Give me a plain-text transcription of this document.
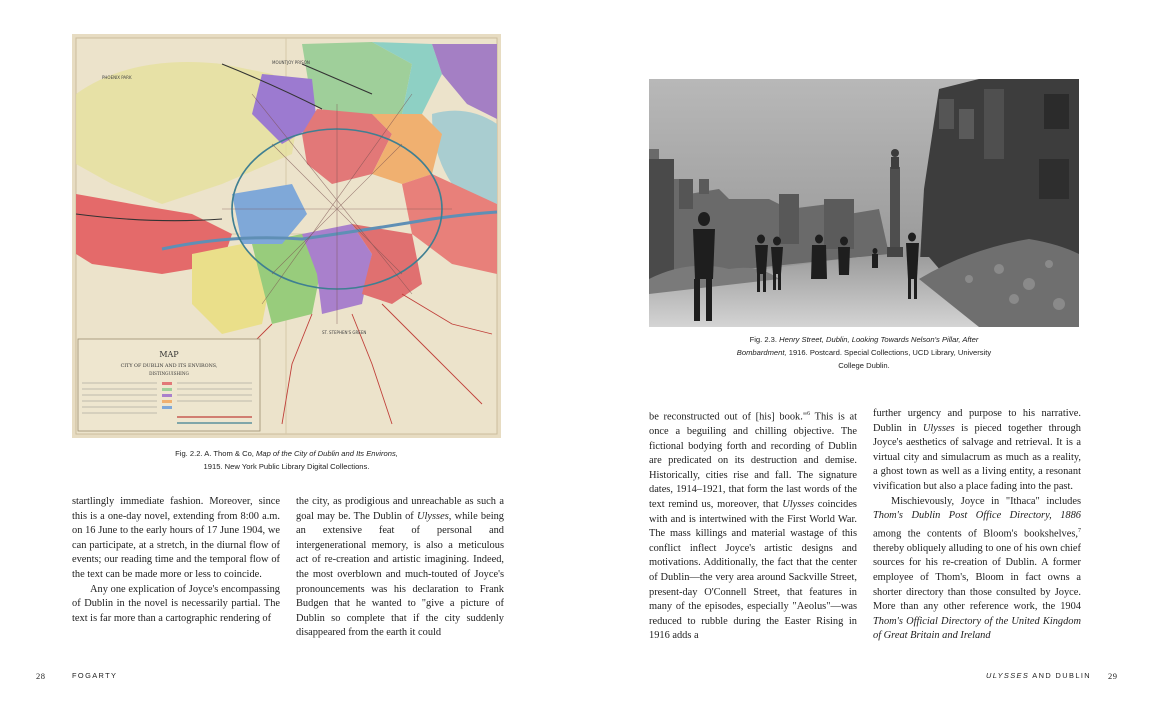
MAP
CITY OF DUBLIN AND ITS ENVIRONS,
DISTINGUISHING
PHOENIX PARK
ST. STEPHEN'S GREEN
MOUNTJOY PRISON
Fig. 2.2. A. Thom & Co, Map of the City of Dublin and Its Environs,
1915. New York Public Library Digital Collections.

startlingly immediate fashion. Moreover, since this is a one-day novel, extending from 8:00 a.m. on 16 June to the early hours of 17 June 1904, we can participate, at a stretch, in the diurnal flow of events; our reading time and the temporal flow of the text can be made more or less to coincide.

Any one explication of Joyce's encompassing of Dublin in the novel is necessarily partial. The text is far more than a cartographic rendering of

the city, as prodigious and unreachable as such a goal may be. The Dublin of Ulysses, while being an extensive feat of personal and intergenerational memory, is also a meticulous act of re-creation and artistic imagining. Indeed, the most overblown and much-touted of Joyce's pronouncements was his declaration to Frank Budgen that he wanted to "give a picture of Dublin so complete that if the city suddenly disappeared from the earth it could

28	FOGARTY
Fig. 2.3. Henry Street, Dublin, Looking Towards Nelson's Pillar, After Bombardment, 1916. Postcard. Special Collections, UCD Library, University College Dublin.

be reconstructed out of [his] book."$^6$ This is at once a beguiling and chilling objective. The fictional bodying forth and recording of Dublin are predicated on its destruction and demise. Historically, cities rise and fall. The signature dates, 1914–1921, that form the last words of the text remind us, moreover, that Ulysses coincides with and is intertwined with the First World War. The mass killings and material wastage of this conflict inflect Joyce's artistic designs and motivations. Additionally, the fact that the center of Dublin—the very area around Sackville Street, present-day O'Connell Street, that features in many of the episodes, especially "Aeolus"—was reduced to rubble during the Easter Rising in 1916 adds a

further urgency and purpose to his narrative. Dublin in Ulysses is pieced together through Joyce's aesthetics of salvage and retrieval. It is a virtual city and simulacrum as much as a reality, a ghost town as well as a living entity, a resonant vivification but also a place fading into the past.

Mischievously, Joyce in "Ithaca" includes Thom's Dublin Post Office Directory, 1886 among the contents of Bloom's bookshelves,$^7$ thereby obliquely alluding to one of his own chief sources for his re-creation of Dublin. A former employee of Thom's, Bloom in fact owns a shorter directory than those consulted by Joyce. More than any other reference work, the 1904 Thom's Official Directory of the United Kingdom of Great Britain and Ireland

ULYSSES AND DUBLIN 29
